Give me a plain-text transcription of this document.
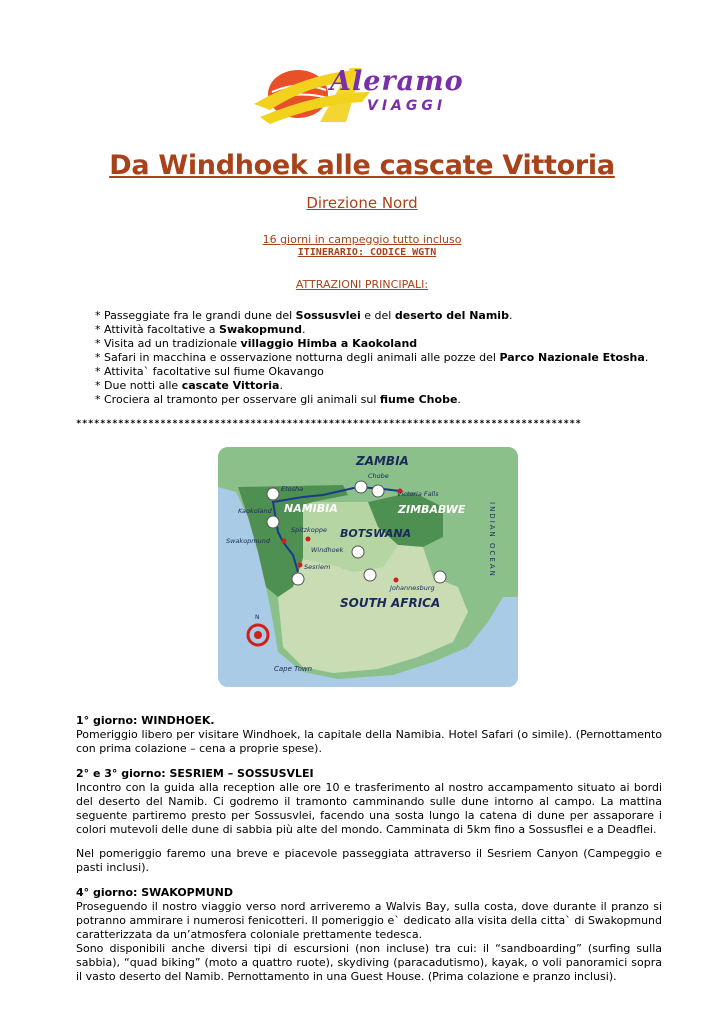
Aleramo
VIAGGI
Da Windhoek alle cascate Vittoria
Direzione Nord
16 giorni in campeggio tutto incluso
ITINERARIO: CODICE WGTN
ATTRAZIONI PRINCIPALI:
* Passeggiate fra le grandi dune del Sossusvlei e del deserto del Namib.
* Attività facoltative a Swakopmund.
* Visita ad un tradizionale villaggio Himba a Kaokoland
* Safari in macchina e osservazione notturna degli animali alle pozze del Parco Nazionale Etosha.
* Attivita` facoltative sul fiume Okavango
* Due notti alle cascate Vittoria.
* Crociera al tramonto per osservare gli animali sul fiume Chobe.
************************************************************************************
ZAMBIA
NAMIBIA	ZIMBABWE
BOTSWANA
SOUTH AFRICA
INDIAN OCEAN
Chobe
Victoria Falls
Etosha
Kaokoland
Spitzkoppe
Swakopmund
Windhoek
Sesriem
Johannesburg
Cape Town
N
1° giorno: WINDHOEK.
Pomeriggio libero per visitare Windhoek, la capitale della Namibia. Hotel Safari (o simile). (Pernottamento con prima colazione – cena a proprie spese).
2° e 3° giorno: SESRIEM – SOSSUSVLEI
Incontro con la guida alla reception alle ore 10 e trasferimento al nostro accampamento situato ai bordi del deserto del Namib. Ci godremo il tramonto camminando sulle dune intorno al campo. La mattina seguente partiremo presto per Sossusvlei, facendo una sosta lungo la catena di dune per assaporare i colori mutevoli delle dune di sabbia più alte del mondo. Camminata di 5km fino a Sossusflei e a Deadflei.
Nel pomeriggio faremo una breve e piacevole passeggiata attraverso il Sesriem Canyon (Campeggio e pasti inclusi).
4° giorno: SWAKOPMUND
Proseguendo il nostro viaggio verso nord arriveremo a Walvis Bay, sulla costa, dove durante il pranzo si potranno ammirare i numerosi fenicotteri. Il pomeriggio e` dedicato alla visita della citta` di Swakopmund caratterizzata da un’atmosfera coloniale prettamente tedesca.
Sono disponibili anche diversi tipi di escursioni (non incluse) tra cui: il “sandboarding” (surfing sulla sabbia), “quad biking” (moto a quattro ruote), skydiving (paracadutismo), kayak, o voli panoramici sopra il vasto deserto del Namib. Pernottamento in una Guest House. (Prima colazione e pranzo inclusi).
